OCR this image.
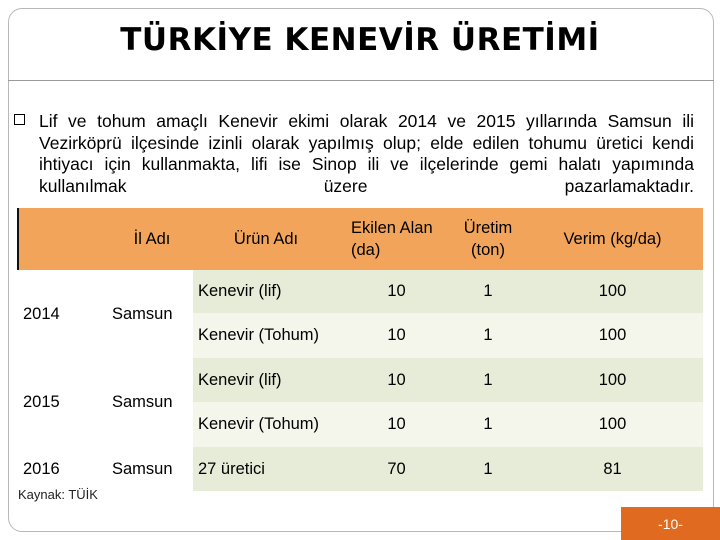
TÜRKİYE KENEVİR ÜRETİMİ
Lif ve tohum amaçlı Kenevir ekimi olarak 2014 ve 2015 yıllarında Samsun ili Vezirköprü ilçesinde izinli olarak yapılmış olup; elde edilen tohumu üretici kendi ihtiyacı için kullanmakta, lifi ise Sinop ili ve ilçelerinde gemi halatı yapımında kullanılmak üzere pazarlamaktadır.
	İl Adı	Ürün Adı	Ekilen Alan (da)	Üretim (ton)	Verim (kg/da)
2014	Samsun	Kenevir (lif)	10	1	100
		Kenevir (Tohum)	10	1	100
2015	Samsun	Kenevir (lif)	10	1	100
		Kenevir (Tohum)	10	1	100
2016	Samsun	27 üretici	70	1	81
Kaynak: TÜİK
-10-
